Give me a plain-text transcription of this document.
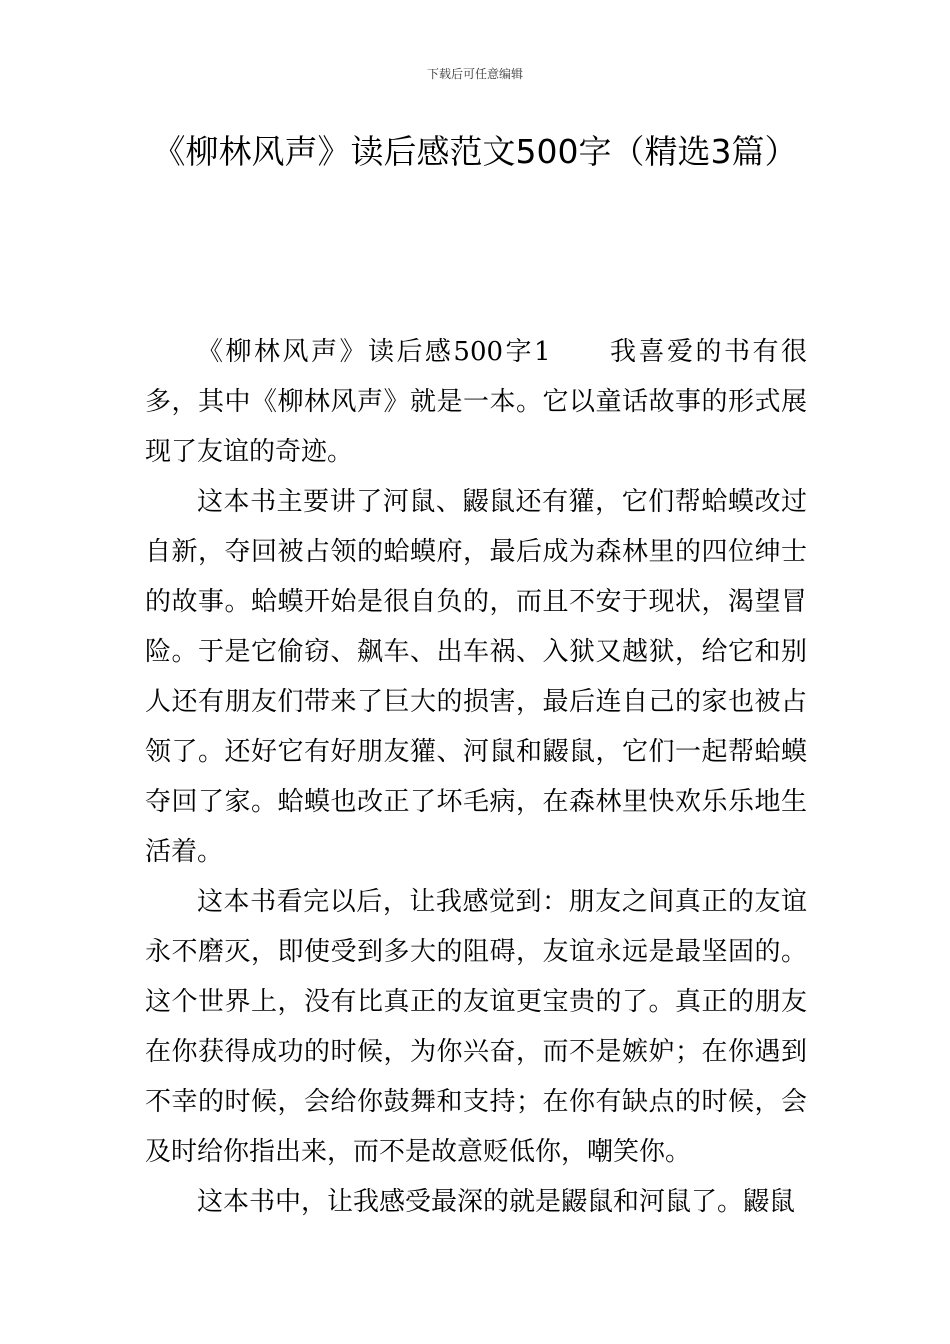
下载后可任意编辑
《柳林风声》读后感范文500字（精选3篇）

《柳林风声》读后感500字1　　我喜爱的书有很多，其中《柳林风声》就是一本。它以童话故事的形式展现了友谊的奇迹。

这本书主要讲了河鼠、鼹鼠还有獾，它们帮蛤蟆改过自新，夺回被占领的蛤蟆府，最后成为森林里的四位绅士的故事。蛤蟆开始是很自负的，而且不安于现状，渴望冒险。于是它偷窃、飙车、出车祸、入狱又越狱，给它和别人还有朋友们带来了巨大的损害，最后连自己的家也被占领了。还好它有好朋友獾、河鼠和鼹鼠，它们一起帮蛤蟆夺回了家。蛤蟆也改正了坏毛病，在森林里快欢乐乐地生活着。

这本书看完以后，让我感觉到：朋友之间真正的友谊永不磨灭，即使受到多大的阻碍，友谊永远是最坚固的。这个世界上，没有比真正的友谊更宝贵的了。真正的朋友在你获得成功的时候，为你兴奋，而不是嫉妒；在你遇到不幸的时候，会给你鼓舞和支持；在你有缺点的时候，会及时给你指出来，而不是故意贬低你，嘲笑你。

这本书中，让我感受最深的就是鼹鼠和河鼠了。鼹鼠
